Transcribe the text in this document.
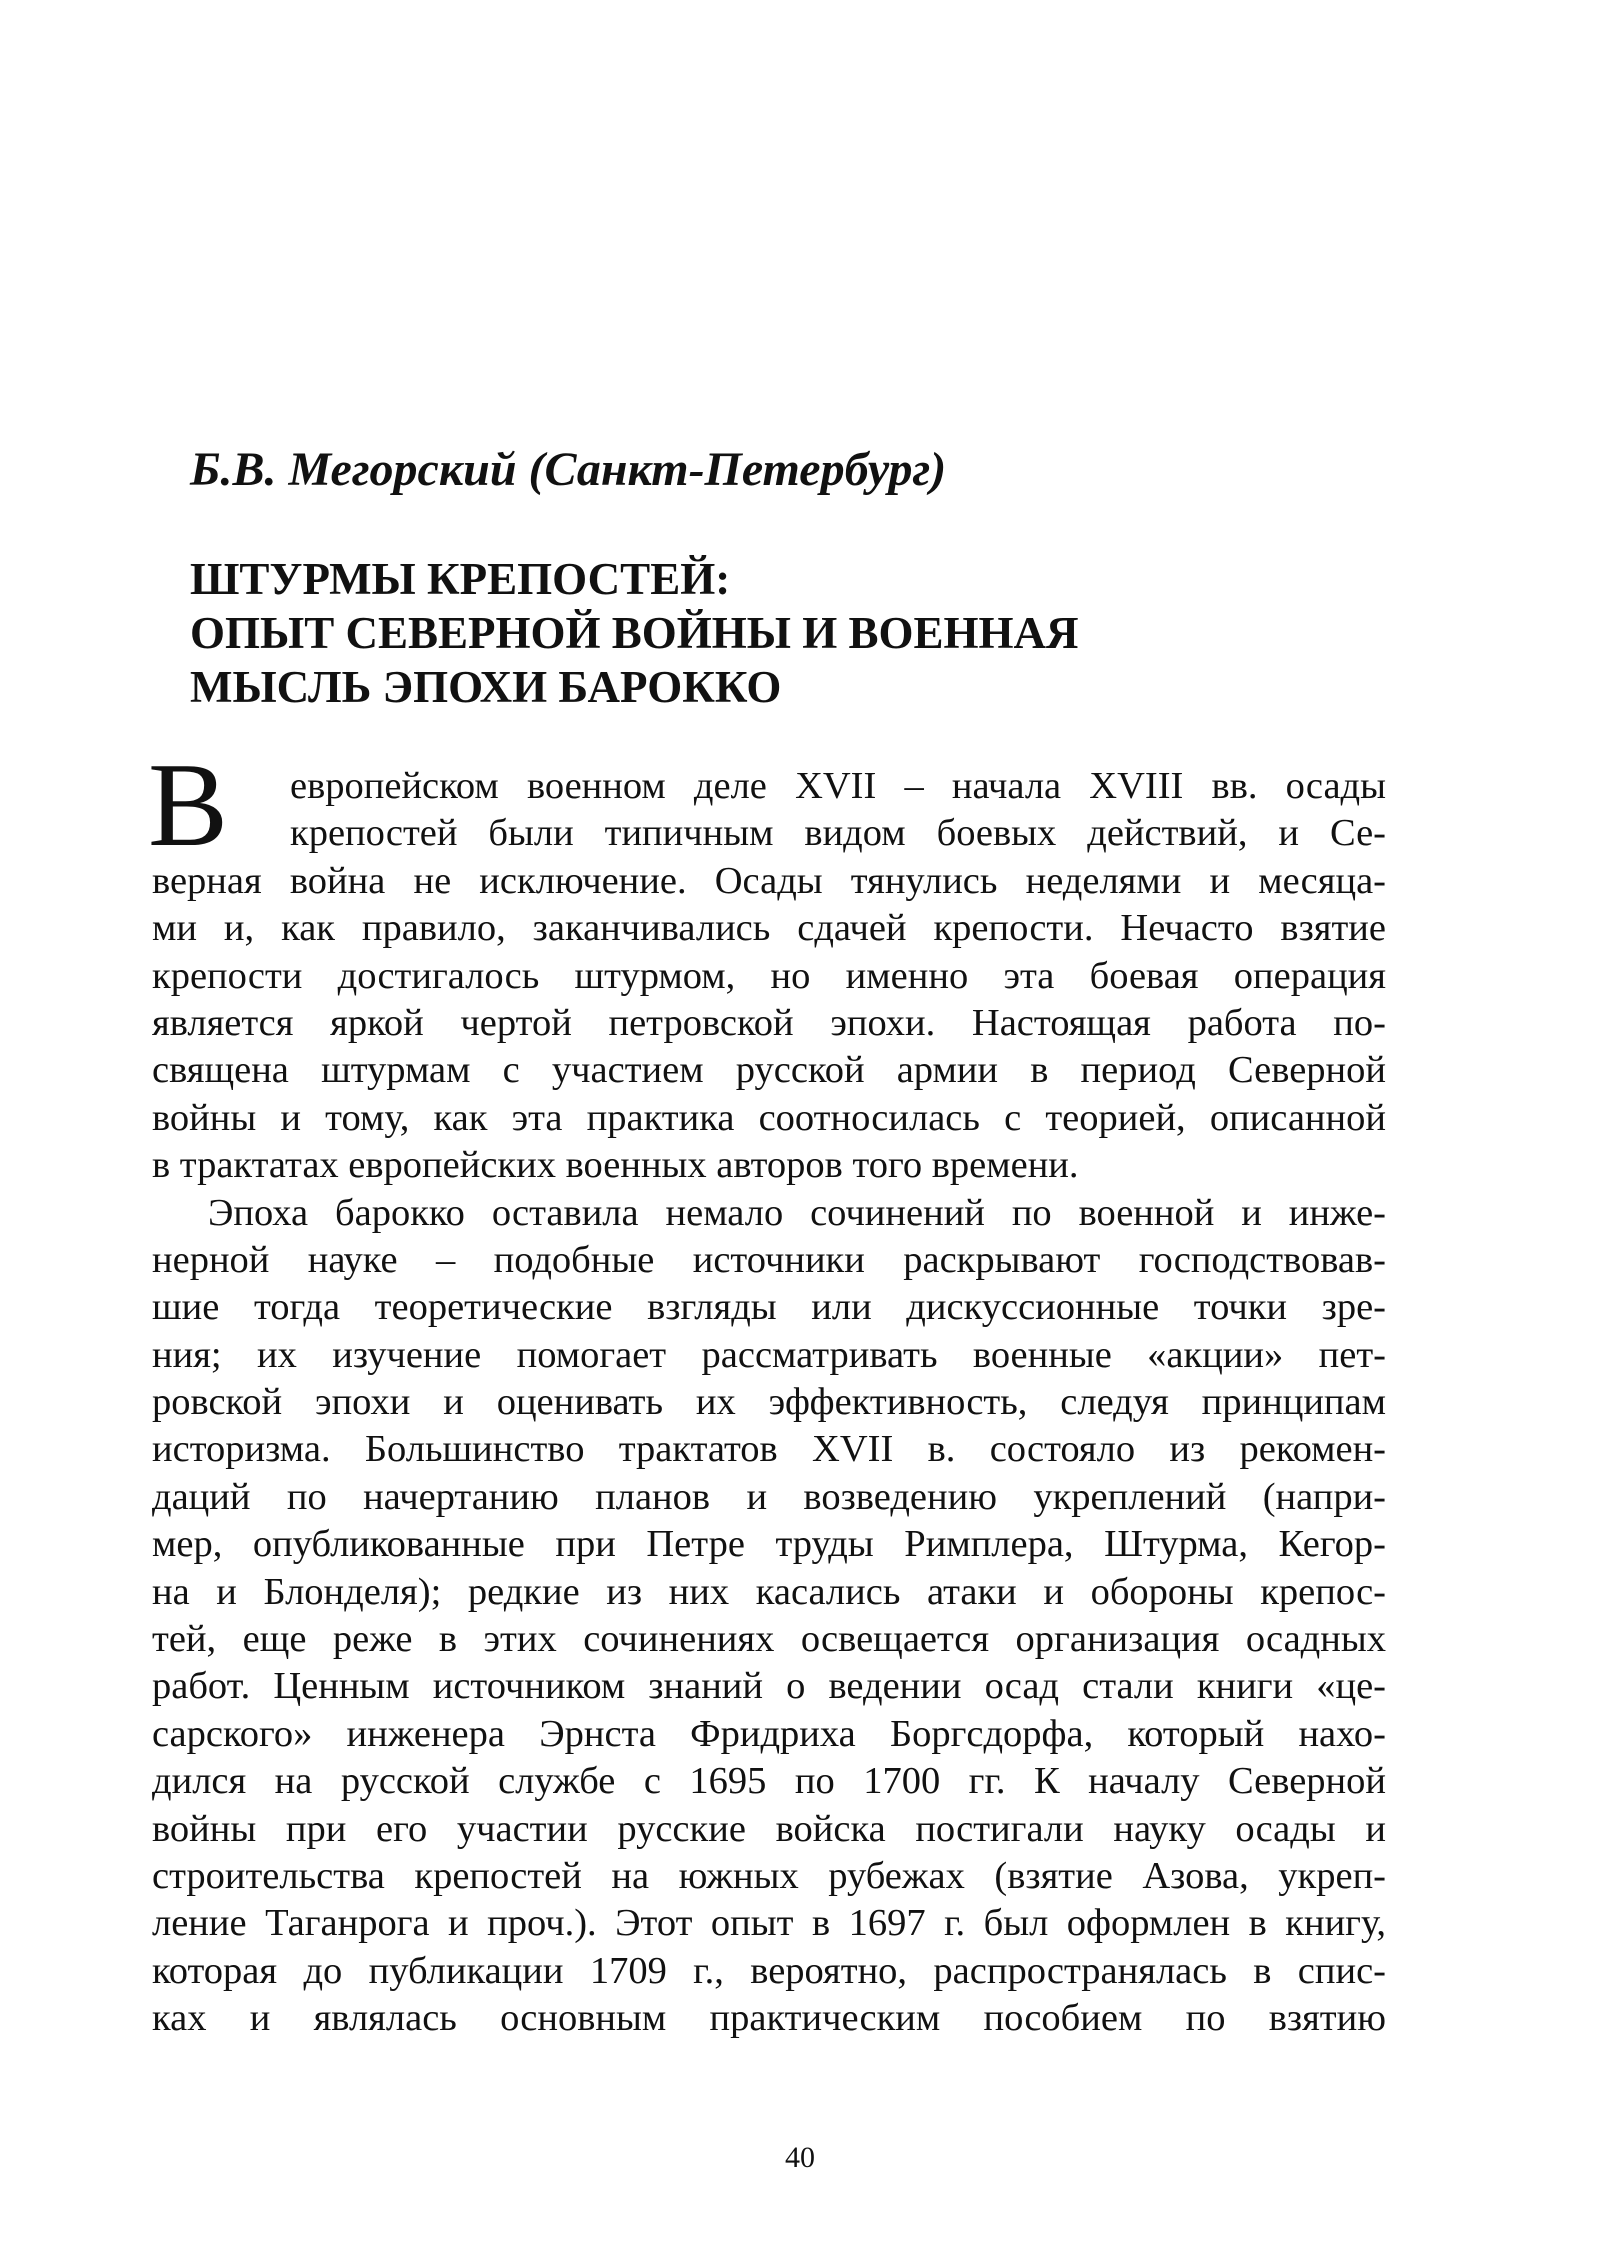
Б.В. Мегорский (Санкт-Петербург)
ШТУРМЫ КРЕПОСТЕЙ:
ОПЫТ СЕВЕРНОЙ ВОЙНЫ И ВОЕННАЯ
МЫСЛЬ ЭПОХИ БАРОККО
В европейском военном деле XVII – начала XVIII вв. осады
крепостей были типичным видом боевых действий, и Се-
верная война не исключение. Осады тянулись неделями и месяца-
ми и, как правило, заканчивались сдачей крепости. Нечасто взятие
крепости достигалось штурмом, но именно эта боевая операция
является яркой чертой петровской эпохи. Настоящая работа по-
священа штурмам с участием русской армии в период Северной
войны и тому, как эта практика соотносилась с теорией, описанной
в трактатах европейских военных авторов того времени.
Эпоха барокко оставила немало сочинений по военной и инже-
нерной науке – подобные источники раскрывают господствовав-
шие тогда теоретические взгляды или дискуссионные точки зре-
ния; их изучение помогает рассматривать военные «акции» пет-
ровской эпохи и оценивать их эффективность, следуя принципам
историзма. Большинство трактатов XVII в. состояло из рекомен-
даций по начертанию планов и возведению укреплений (напри-
мер, опубликованные при Петре труды Римплера, Штурма, Кегор-
на и Блонделя); редкие из них касались атаки и обороны крепос-
тей, еще реже в этих сочинениях освещается организация осадных
работ. Ценным источником знаний о ведении осад стали книги «це-
сарского» инженера Эрнста Фридриха Боргсдорфа, который нахо-
дился на русской службе с 1695 по 1700 гг. К началу Северной
войны при его участии русские войска постигали науку осады и
строительства крепостей на южных рубежах (взятие Азова, укреп-
ление Таганрога и проч.). Этот опыт в 1697 г. был оформлен в книгу,
которая до публикации 1709 г., вероятно, распространялась в спис-
ках и являлась основным практическим пособием по взятию
40
